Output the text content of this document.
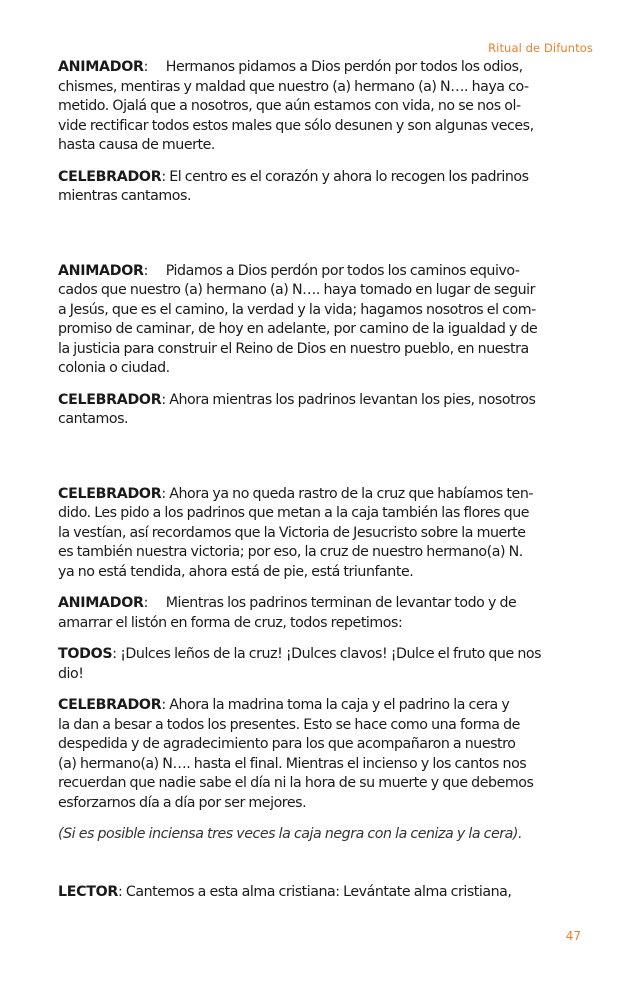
Ritual de Difuntos
ANIMADOR:     Hermanos pidamos a Dios perdón por todos los odios,
chismes, mentiras y maldad que nuestro (a) hermano (a) N…. haya co-
metido. Ojalá que a nosotros, que aún estamos con vida, no se nos ol-
vide rectificar todos estos males que sólo desunen y son algunas veces,
hasta causa de muerte.
CELEBRADOR: El centro es el corazón y ahora lo recogen los padrinos
mientras cantamos.
ANIMADOR:     Pidamos a Dios perdón por todos los caminos equivo-
cados que nuestro (a) hermano (a) N…. haya tomado en lugar de seguir
a Jesús, que es el camino, la verdad y la vida; hagamos nosotros el com-
promiso de caminar, de hoy en adelante, por camino de la igualdad y de
la justicia para construir el Reino de Dios en nuestro pueblo, en nuestra
colonia o ciudad.
CELEBRADOR: Ahora mientras los padrinos levantan los pies, nosotros
cantamos.
CELEBRADOR: Ahora ya no queda rastro de la cruz que habíamos ten-
dido. Les pido a los padrinos que metan a la caja también las flores que
la vestían, así recordamos que la Victoria de Jesucristo sobre la muerte
es también nuestra victoria; por eso, la cruz de nuestro hermano(a) N.
ya no está tendida, ahora está de pie, está triunfante.
ANIMADOR:     Mientras los padrinos terminan de levantar todo y de
amarrar el listón en forma de cruz, todos repetimos:
TODOS: ¡Dulces leños de la cruz! ¡Dulces clavos! ¡Dulce el fruto que nos
dio!
CELEBRADOR: Ahora la madrina toma la caja y el padrino la cera y
la dan a besar a todos los presentes. Esto se hace como una forma de
despedida y de agradecimiento para los que acompañaron a nuestro
(a) hermano(a) N…. hasta el final. Mientras el incienso y los cantos nos
recuerdan que nadie sabe el día ni la hora de su muerte y que debemos
esforzarnos día a día por ser mejores.
(Si es posible inciensa tres veces la caja negra con la ceniza y la cera).
LECTOR: Cantemos a esta alma cristiana: Levántate alma cristiana,
47
